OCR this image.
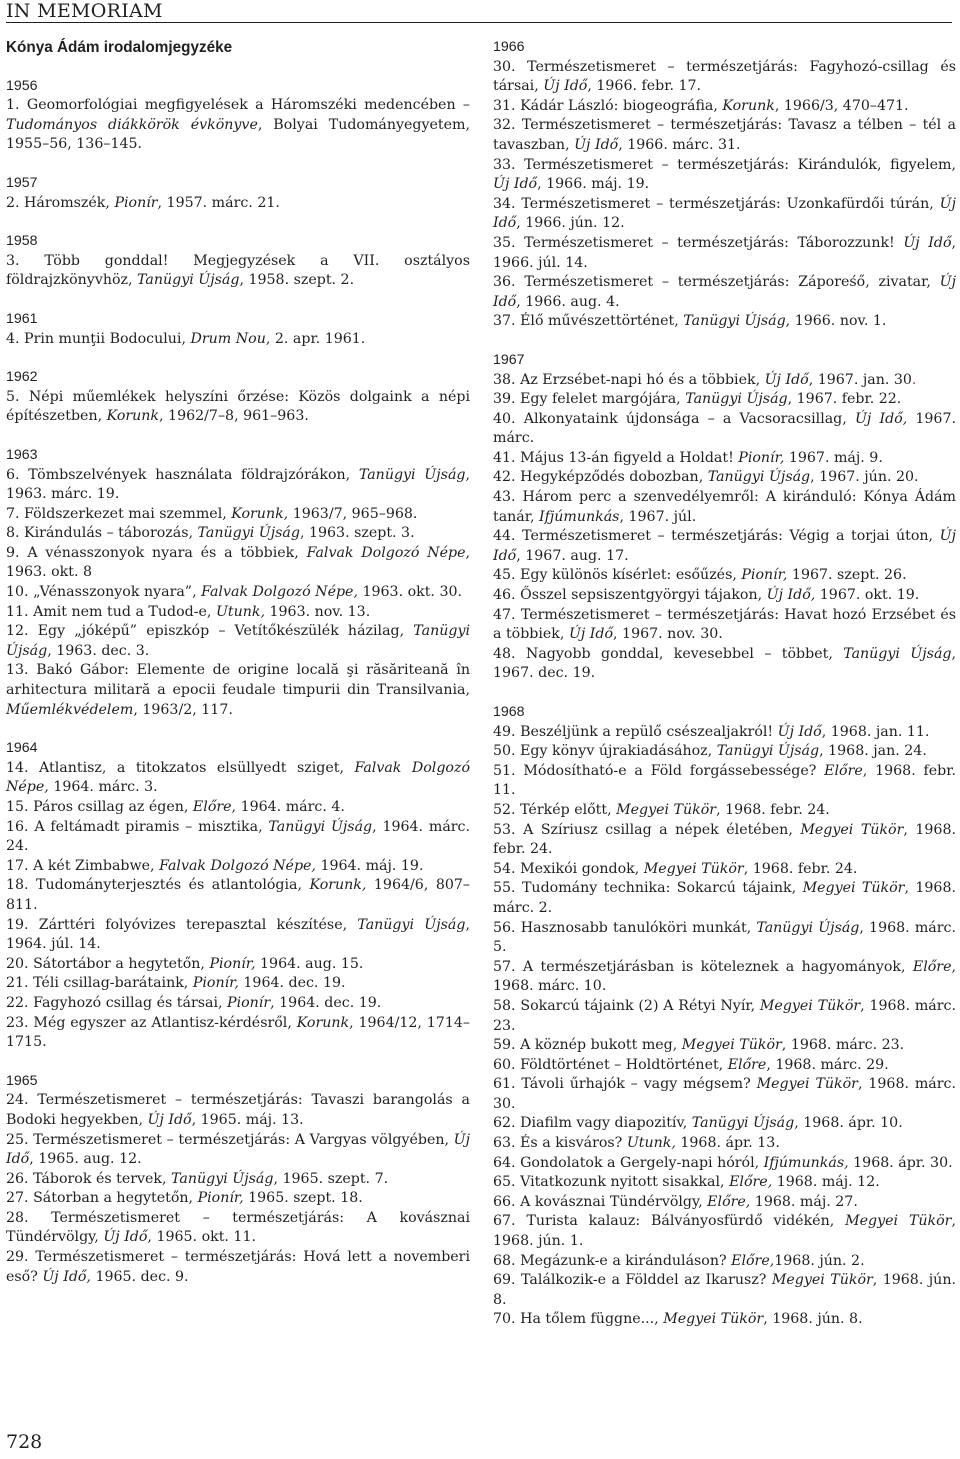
IN MEMORIAM
Kónya Ádám irodalomjegyzéke
1956
1. Geomorfológiai megfigyelések a Háromszéki medencében – Tudományos diákkörök évkönyve, Bolyai Tudományegyetem, 1955–56, 136–145.
1957
2. Háromszék, Pionír, 1957. márc. 21.
1958
3. Több gonddal! Megjegyzések a VII. osztályos földrajzkönyvhöz, Tanügyi Újság, 1958. szept. 2.
1961
4. Prin munţii Bodocului, Drum Nou, 2. apr. 1961.
1962
5. Népi műemlékek helyszíni őrzése: Közös dolgaink a népi építészetben, Korunk, 1962/7–8, 961–963.
1963
6. Tömbszelvények használata földrajzórákon, Tanügyi Újság, 1963. márc. 19.
7. Földszerkezet mai szemmel, Korunk, 1963/7, 965–968.
8. Kirándulás – táborozás, Tanügyi Újság, 1963. szept. 3.
9. A vénasszonyok nyara és a többiek, Falvak Dolgozó Népe, 1963. okt. 8
10. „Vénasszonyok nyara”, Falvak Dolgozó Népe, 1963. okt. 30.
11. Amit nem tud a Tudod-e, Utunk, 1963. nov. 13.
12. Egy „jóképű” episzkóp – Vetítőkészülék házilag, Tanügyi Újság, 1963. dec. 3.
13. Bakó Gábor: Elemente de origine locală şi răsăriteană în arhitectura militară a epocii feudale timpurii din Transilvania, Műemlékvédelem, 1963/2, 117.
1964
14. Atlantisz, a titokzatos elsüllyedt sziget, Falvak Dolgozó Népe, 1964. márc. 3.
15. Páros csillag az égen, Előre, 1964. márc. 4.
16. A feltámadt piramis – misztika, Tanügyi Újság, 1964. márc. 24.
17. A két Zimbabwe, Falvak Dolgozó Népe, 1964. máj. 19.
18. Tudományterjesztés és atlantológia, Korunk, 1964/6, 807–811.
19. Zárttéri folyóvizes terepasztal készítése, Tanügyi Újság, 1964. júl. 14.
20. Sátortábor a hegytetőn, Pionír, 1964. aug. 15.
21. Téli csillag-barátaink, Pionír, 1964. dec. 19.
22. Fagyhozó csillag és társai, Pionír, 1964. dec. 19.
23. Még egyszer az Atlantisz-kérdésről, Korunk, 1964/12, 1714–1715.
1965
24. Természetismeret – természetjárás: Tavaszi barangolás a Bodoki hegyekben, Új Idő, 1965. máj. 13.
25. Természetismeret – természetjárás: A Vargyas völgyében, Új Idő, 1965. aug. 12.
26. Táborok és tervek, Tanügyi Újság, 1965. szept. 7.
27. Sátorban a hegytetőn, Pionír, 1965. szept. 18.
28. Természetismeret – természetjárás: A kovásznai Tündérvölgy, Új Idő, 1965. okt. 11.
29. Természetismeret – természetjárás: Hová lett a novemberi eső? Új Idő, 1965. dec. 9.
1966
30. Természetismeret – természetjárás: Fagyhozó-csillag és társai, Új Idő, 1966. febr. 17.
31. Kádár László: biogeográfia, Korunk, 1966/3, 470–471.
32. Természetismeret – természetjárás: Tavasz a télben – tél a tavaszban, Új Idő, 1966. márc. 31.
33. Természetismeret – természetjárás: Kirándulók, figyelem, Új Idő, 1966. máj. 19.
34. Természetismeret – természetjárás: Uzonkafürdői túrán, Új Idő, 1966. jún. 12.
35. Természetismeret – természetjárás: Táborozzunk! Új Idő, 1966. júl. 14.
36. Természetismeret – természetjárás: Záporeśő, zivatar, Új Idő, 1966. aug. 4.
37. Élő művészettörténet, Tanügyi Újság, 1966. nov. 1.
1967
38. Az Erzsébet-napi hó és a többiek, Új Idő, 1967. jan. 30.
39. Egy felelet margójára, Tanügyi Újság, 1967. febr. 22.
40. Alkonyataink újdonsága – a Vacsoracsillag, Új Idő, 1967. márc.
41. Május 13-án figyeld a Holdat! Pionír, 1967. máj. 9.
42. Hegyképződés dobozban, Tanügyi Újság, 1967. jún. 20.
43. Három perc a szenvedélyemről: A kiránduló: Kónya Ádám tanár, Ifjúmunkás, 1967. júl.
44. Természetismeret – természetjárás: Végig a torjai úton, Új Idő, 1967. aug. 17.
45. Egy különös kísérlet: esőűzés, Pionír, 1967. szept. 26.
46. Ősszel sepsiszentgyörgyi tájakon, Új Idő, 1967. okt. 19.
47. Természetismeret – természetjárás: Havat hozó Erzsébet és a többiek, Új Idő, 1967. nov. 30.
48. Nagyobb gonddal, kevesebbel – többet, Tanügyi Újság, 1967. dec. 19.
1968
49. Beszéljünk a repülő csészealjakról! Új Idő, 1968. jan. 11.
50. Egy könyv újrakiadásához, Tanügyi Újság, 1968. jan. 24.
51. Módosítható-e a Föld forgássebessége? Előre, 1968. febr. 11.
52. Térkép előtt, Megyei Tükör, 1968. febr. 24.
53. A Szíriusz csillag a népek életében, Megyei Tükör, 1968. febr. 24.
54. Mexikói gondok, Megyei Tükör, 1968. febr. 24.
55. Tudomány technika: Sokarcú tájaink, Megyei Tükör, 1968. márc. 2.
56. Hasznosabb tanulóköri munkát, Tanügyi Újság, 1968. márc. 5.
57. A természetjárásban is köteleznek a hagyományok, Előre, 1968. márc. 10.
58. Sokarcú tájaink (2) A Rétyi Nyír, Megyei Tükör, 1968. márc. 23.
59. A köznép bukott meg, Megyei Tükör, 1968. márc. 23.
60. Földtörténet – Holdtörténet, Előre, 1968. márc. 29.
61. Távoli űrhajók – vagy mégsem? Megyei Tükör, 1968. márc. 30.
62. Diafilm vagy diapozitív, Tanügyi Újság, 1968. ápr. 10.
63. És a kisváros? Utunk, 1968. ápr. 13.
64. Gondolatok a Gergely-napi hóról, Ifjúmunkás, 1968. ápr. 30.
65. Vitatkozunk nyitott sisakkal, Előre, 1968. máj. 12.
66. A kovásznai Tündérvölgy, Előre, 1968. máj. 27.
67. Turista kalauz: Bálványosfürdő vidékén, Megyei Tükör, 1968. jún. 1.
68. Megázunk-e a kiránduláson? Előre,1968. jún. 2.
69. Találkozik-e a Földdel az Ikarusz? Megyei Tükör, 1968. jún. 8.
70. Ha tőlem függne..., Megyei Tükör, 1968. jún. 8.
728
